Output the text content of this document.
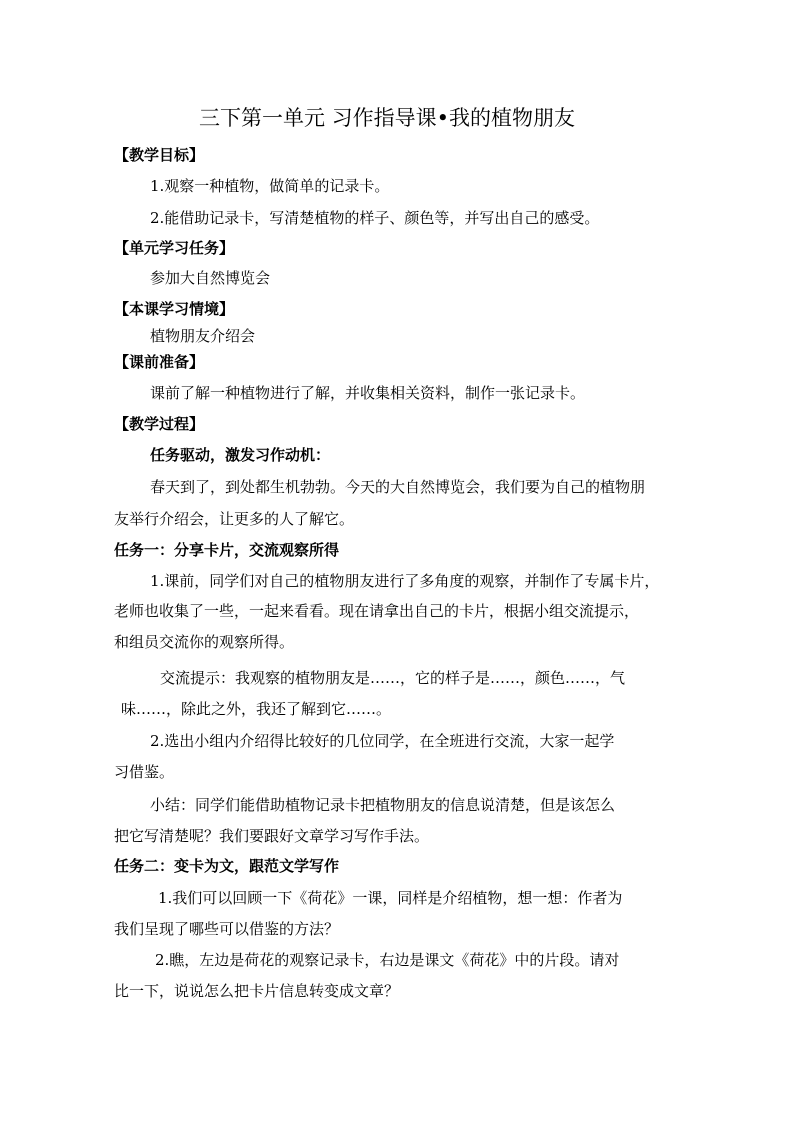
三下第一单元 习作指导课•我的植物朋友
【教学目标】
1.观察一种植物，做简单的记录卡。
2.能借助记录卡，写清楚植物的样子、颜色等，并写出自己的感受。
【单元学习任务】
参加大自然博览会
【本课学习情境】
植物朋友介绍会
【课前准备】
课前了解一种植物进行了解，并收集相关资料，制作一张记录卡。
【教学过程】
任务驱动，激发习作动机：
春天到了，到处都生机勃勃。今天的大自然博览会，我们要为自己的植物朋
友举行介绍会，让更多的人了解它。
任务一：分享卡片，交流观察所得
1.课前，同学们对自己的植物朋友进行了多角度的观察，并制作了专属卡片，
老师也收集了一些，一起来看看。现在请拿出自己的卡片，根据小组交流提示，
和组员交流你的观察所得。
交流提示：我观察的植物朋友是……，它的样子是……，颜色……，气
味……，除此之外，我还了解到它……。
2.选出小组内介绍得比较好的几位同学，在全班进行交流，大家一起学
习借鉴。
小结：同学们能借助植物记录卡把植物朋友的信息说清楚，但是该怎么
把它写清楚呢？我们要跟好文章学习写作手法。
任务二：变卡为文，跟范文学写作
1.我们可以回顾一下《荷花》一课，同样是介绍植物，想一想：作者为
我们呈现了哪些可以借鉴的方法？
2.瞧，左边是荷花的观察记录卡，右边是课文《荷花》中的片段。请对
比一下，说说怎么把卡片信息转变成文章？
